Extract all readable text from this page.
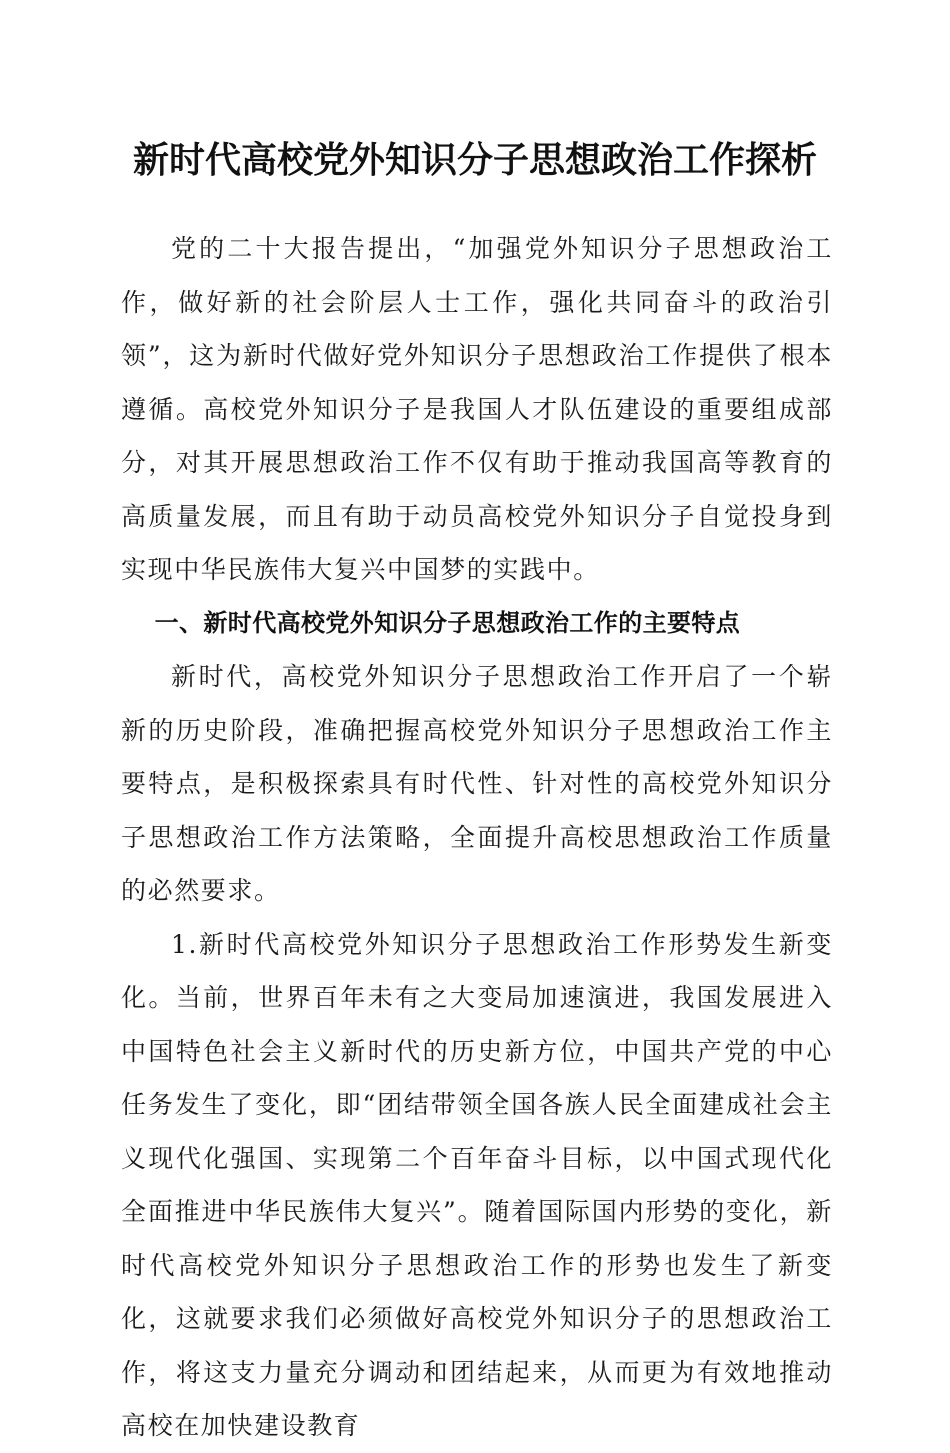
新时代高校党外知识分子思想政治工作探析

党的二十大报告提出，“加强党外知识分子思想政治工作，做好新的社会阶层人士工作，强化共同奋斗的政治引领”，这为新时代做好党外知识分子思想政治工作提供了根本遵循。高校党外知识分子是我国人才队伍建设的重要组成部分，对其开展思想政治工作不仅有助于推动我国高等教育的高质量发展，而且有助于动员高校党外知识分子自觉投身到实现中华民族伟大复兴中国梦的实践中。

一、新时代高校党外知识分子思想政治工作的主要特点

新时代，高校党外知识分子思想政治工作开启了一个崭新的历史阶段，准确把握高校党外知识分子思想政治工作主要特点，是积极探索具有时代性、针对性的高校党外知识分子思想政治工作方法策略，全面提升高校思想政治工作质量的必然要求。

1.新时代高校党外知识分子思想政治工作形势发生新变化。当前，世界百年未有之大变局加速演进，我国发展进入中国特色社会主义新时代的历史新方位，中国共产党的中心任务发生了变化，即“团结带领全国各族人民全面建成社会主义现代化强国、实现第二个百年奋斗目标，以中国式现代化全面推进中华民族伟大复兴”。随着国际国内形势的变化，新时代高校党外知识分子思想政治工作的形势也发生了新变化，这就要求我们必须做好高校党外知识分子的思想政治工作，将这支力量充分调动和团结起来，从而更为有效地推动高校在加快建设教育
